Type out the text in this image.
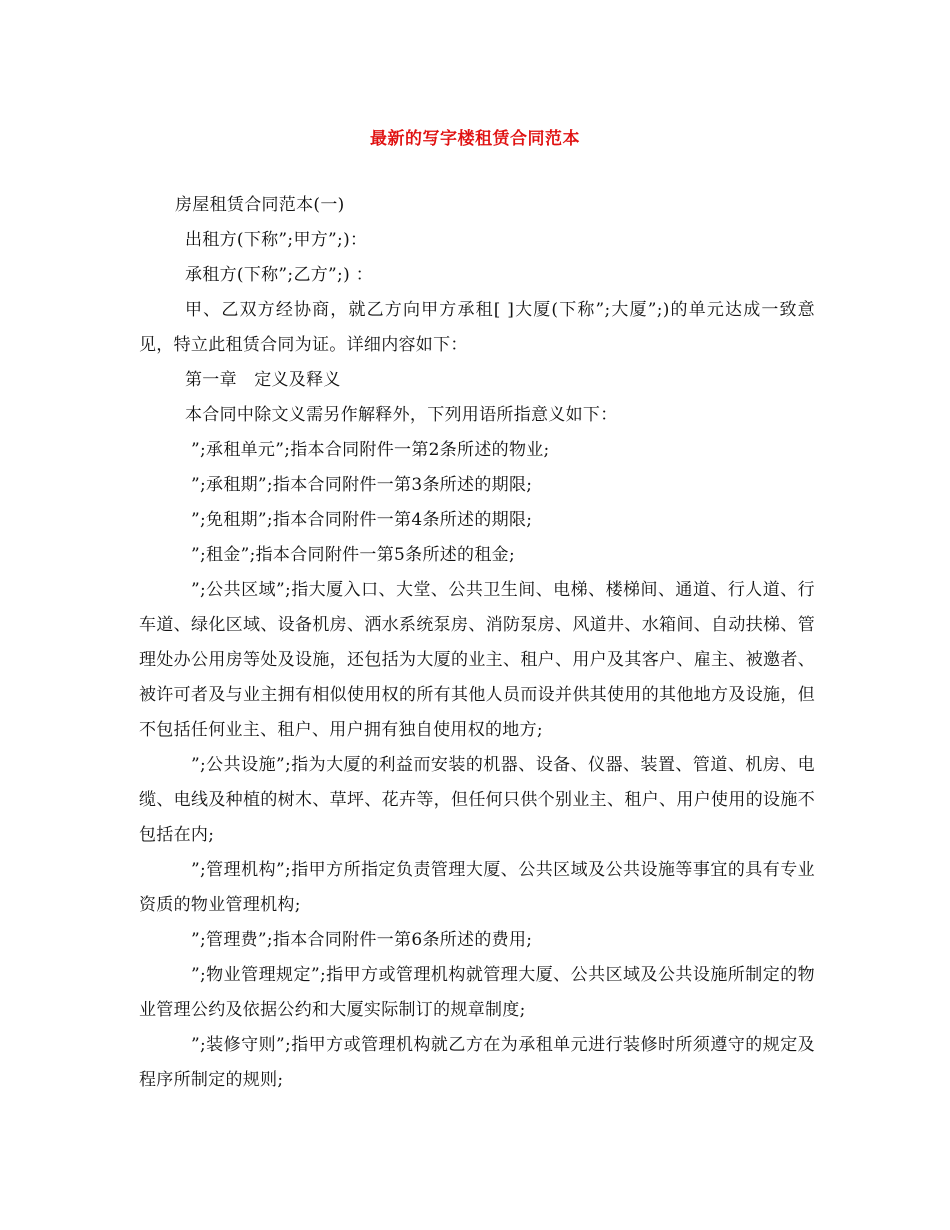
最新的写字楼租赁合同范本

房屋租赁合同范本(一)

出租方(下称”;甲方”;)：

承租方(下称”;乙方”;) ：

甲、乙双方经协商，就乙方向甲方承租[ ]大厦(下称”;大厦”;)的单元达成一致意见，特立此租赁合同为证。详细内容如下：

第一章　定义及释义

本合同中除文义需另作解释外，下列用语所指意义如下：

”;承租单元”;指本合同附件一第2条所述的物业;

”;承租期”;指本合同附件一第3条所述的期限;

”;免租期”;指本合同附件一第4条所述的期限;

”;租金”;指本合同附件一第5条所述的租金;

”;公共区域”;指大厦入口、大堂、公共卫生间、电梯、楼梯间、通道、行人道、行车道、绿化区域、设备机房、洒水系统泵房、消防泵房、风道井、水箱间、自动扶梯、管理处办公用房等处及设施，还包括为大厦的业主、租户、用户及其客户、雇主、被邀者、被许可者及与业主拥有相似使用权的所有其他人员而设并供其使用的其他地方及设施，但不包括任何业主、租户、用户拥有独自使用权的地方;

”;公共设施”;指为大厦的利益而安装的机器、设备、仪器、装置、管道、机房、电缆、电线及种植的树木、草坪、花卉等，但任何只供个别业主、租户、用户使用的设施不包括在内;

”;管理机构”;指甲方所指定负责管理大厦、公共区域及公共设施等事宜的具有专业资质的物业管理机构;

”;管理费”;指本合同附件一第6条所述的费用;

”;物业管理规定”;指甲方或管理机构就管理大厦、公共区域及公共设施所制定的物业管理公约及依据公约和大厦实际制订的规章制度;

”;装修守则”;指甲方或管理机构就乙方在为承租单元进行装修时所须遵守的规定及程序所制定的规则;
